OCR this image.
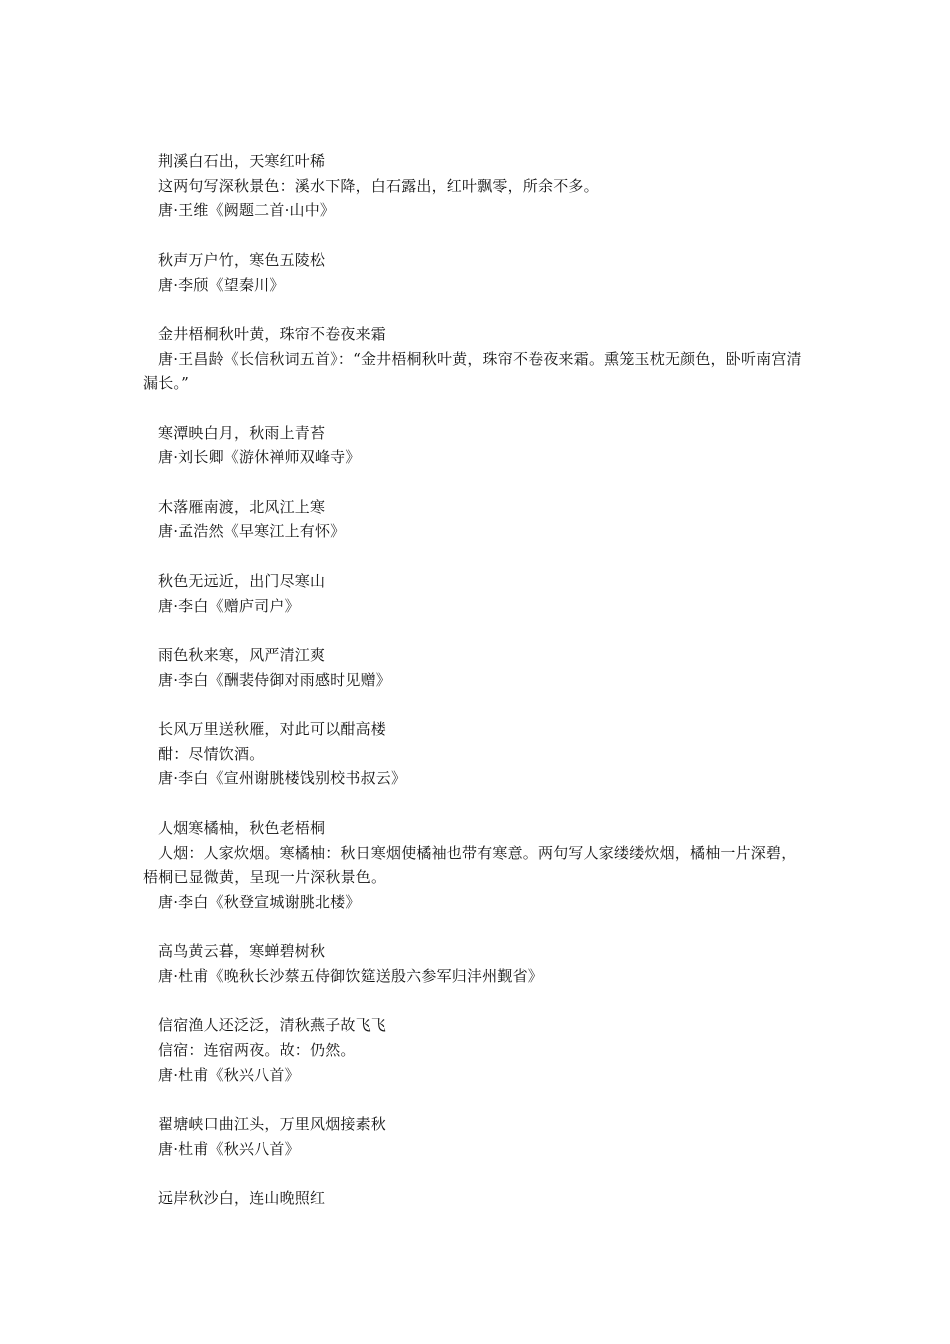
荆溪白石出，天寒红叶稀
这两句写深秋景色：溪水下降，白石露出，红叶飘零，所余不多。
唐·王维《阙题二首·山中》
秋声万户竹，寒色五陵松
唐·李颀《望秦川》
金井梧桐秋叶黄，珠帘不卷夜来霜

唐·王昌龄《长信秋词五首》：“金井梧桐秋叶黄，珠帘不卷夜来霜。熏笼玉枕无颜色，卧听南宫清漏长。”

寒潭映白月，秋雨上青苔
唐·刘长卿《游休禅师双峰寺》
木落雁南渡，北风江上寒
唐·孟浩然《早寒江上有怀》
秋色无远近，出门尽寒山
唐·李白《赠庐司户》
雨色秋来寒，风严清江爽
唐·李白《酬裴侍御对雨感时见赠》
长风万里送秋雁，对此可以酣高楼
酣：尽情饮酒。
唐·李白《宣州谢朓楼饯别校书叔云》
人烟寒橘柚，秋色老梧桐

人烟：人家炊烟。寒橘柚：秋日寒烟使橘袖也带有寒意。两句写人家缕缕炊烟，橘柚一片深碧，梧桐已显微黄，呈现一片深秋景色。

唐·李白《秋登宣城谢朓北楼》
高鸟黄云暮，寒蝉碧树秋
唐·杜甫《晚秋长沙蔡五侍御饮筵送殷六参军归沣州觐省》
信宿渔人还泛泛，清秋燕子故飞飞
信宿：连宿两夜。故：仍然。
唐·杜甫《秋兴八首》
翟塘峡口曲江头，万里风烟接素秋
唐·杜甫《秋兴八首》
远岸秋沙白，连山晚照红
